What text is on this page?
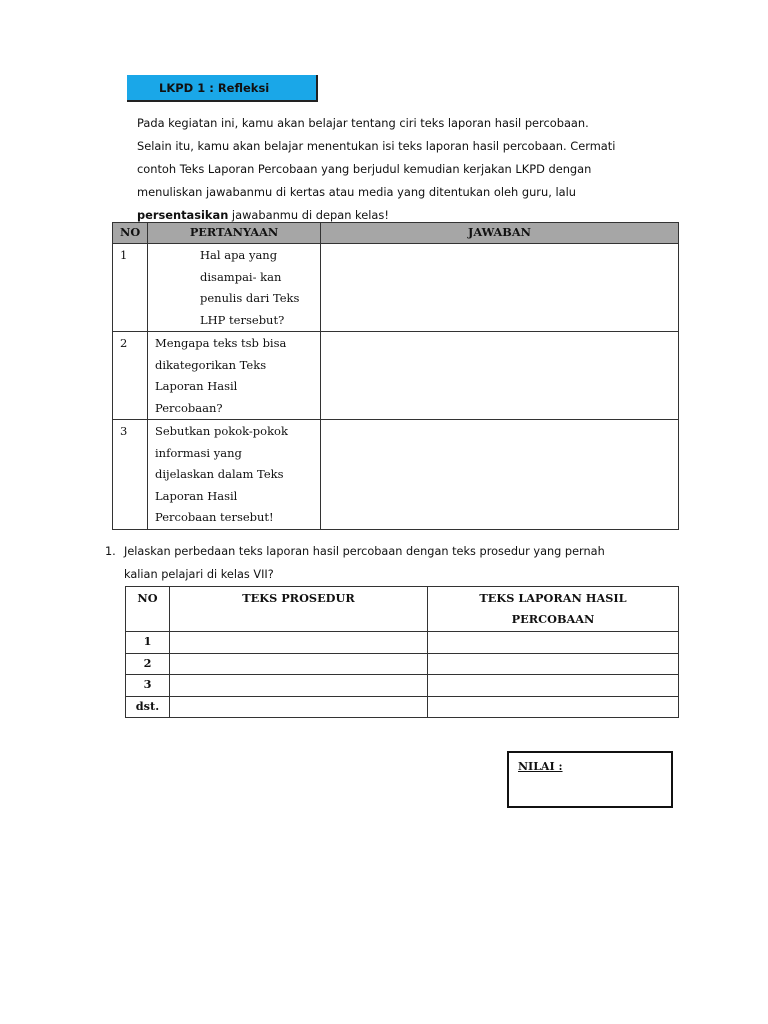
LKPD 1 : Refleksi
Pada kegiatan ini, kamu akan belajar tentang ciri teks laporan hasil percobaan.
Selain itu, kamu akan belajar menentukan isi teks laporan hasil percobaan. Cermati
contoh Teks Laporan Percobaan yang berjudul kemudian kerjakan LKPD dengan
menuliskan jawabanmu di kertas atau media yang ditentukan oleh guru, lalu
persentasikan jawabanmu di depan kelas!
NO	PERTANYAAN	JAWABAN
1	Hal apa yang
disampai- kan
penulis dari Teks
LHP tersebut?	

2	Mengapa teks tsb bisa
dikategorikan Teks
Laporan Hasil
Percobaan?	

3	Sebutkan pokok-pokok
informasi yang
dijelaskan dalam Teks
Laporan Hasil
Percobaan tersebut!	

1. Jelaskan perbedaan teks laporan hasil percobaan dengan teks prosedur yang pernah
kalian pelajari di kelas VII?
NO	TEKS PROSEDUR	TEKS LAPORAN HASIL
PERCOBAAN

1		
2		
3		
dst.		
NILAI :
